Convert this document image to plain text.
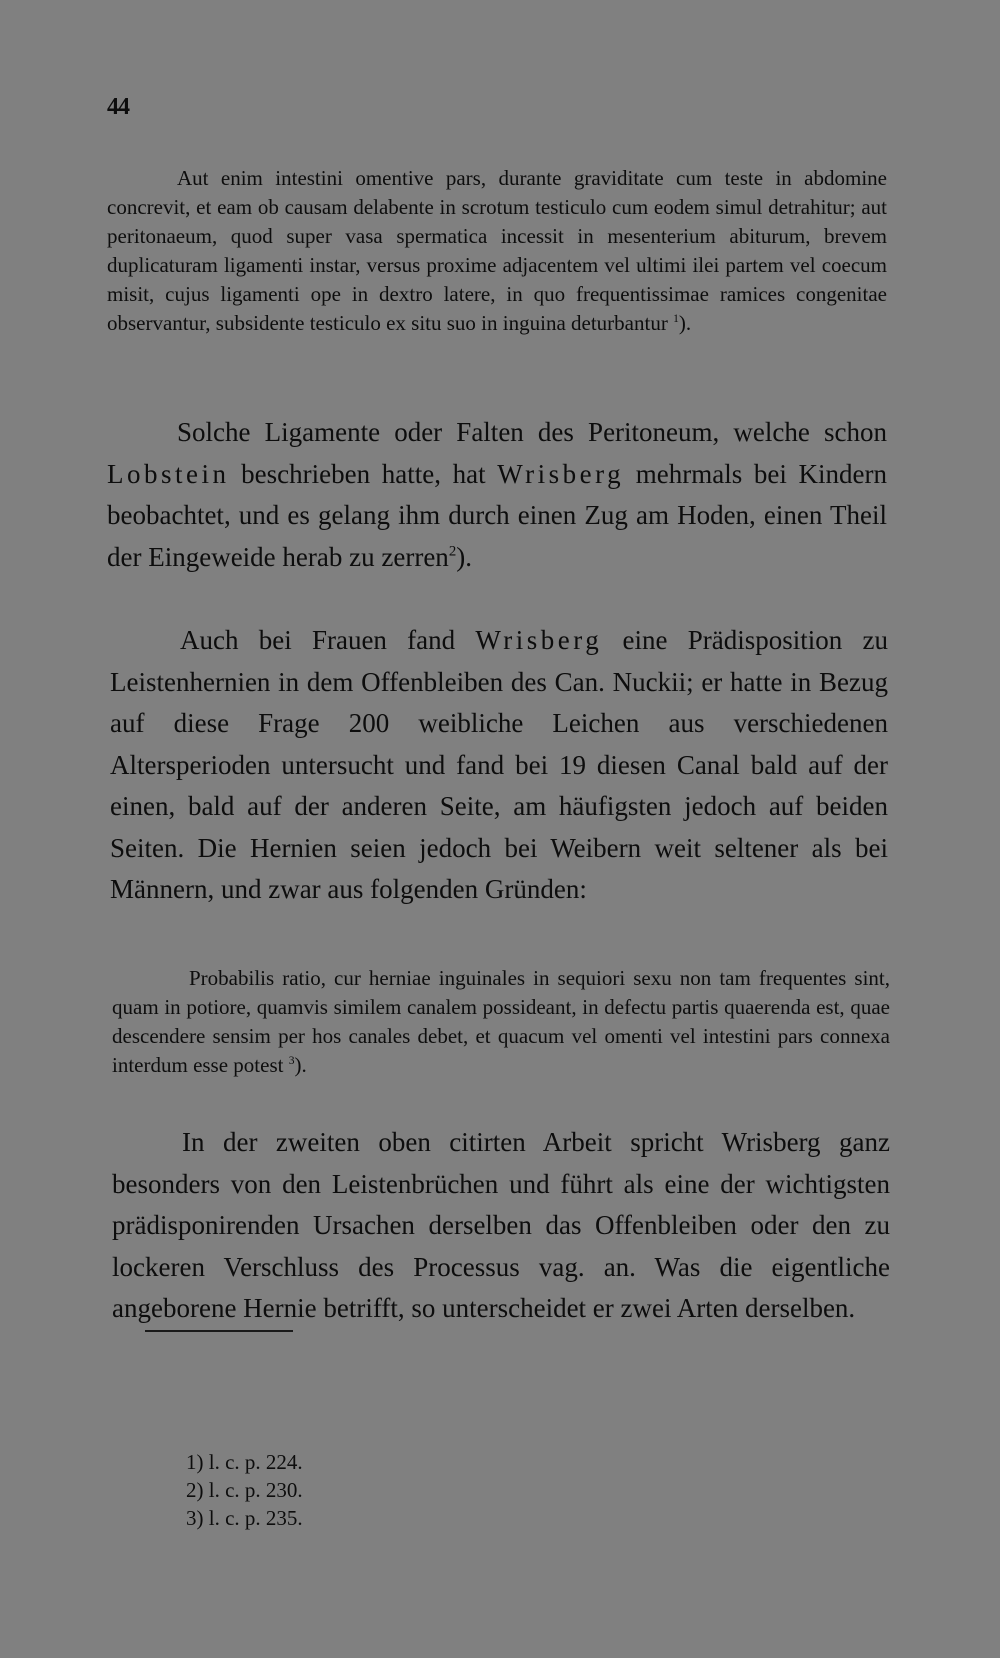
44

Aut enim intestini omentive pars, durante graviditate cum teste in abdomine concrevit, et eam ob causam delabente in scrotum testiculo cum eodem simul detrahitur; aut peritonaeum, quod super vasa spermatica incessit in mesenterium abiturum, brevem duplicaturam ligamenti instar, versus proxime adjacentem vel ultimi ilei partem vel coecum misit, cujus ligamenti ope in dextro latere, in quo frequentissimae ramices congenitae observantur, subsidente testiculo ex situ suo in inguina deturbantur $^1$).

Solche Ligamente oder Falten des Peritoneum, welche schon Lobstein beschrieben hatte, hat Wrisberg mehrmals bei Kindern beobachtet, und es gelang ihm durch einen Zug am Hoden, einen Theil der Eingeweide herab zu zerren$^2$).

Auch bei Frauen fand Wrisberg eine Prädisposition zu Leistenhernien in dem Offenbleiben des Can. Nuckii; er hatte in Bezug auf diese Frage 200 weibliche Leichen aus verschiedenen Altersperioden untersucht und fand bei 19 diesen Canal bald auf der einen, bald auf der anderen Seite, am häufigsten jedoch auf beiden Seiten. Die Hernien seien jedoch bei Weibern weit seltener als bei Männern, und zwar aus folgenden Gründen:

Probabilis ratio, cur herniae inguinales in sequiori sexu non tam frequentes sint, quam in potiore, quamvis similem canalem possideant, in defectu partis quaerenda est, quae descendere sensim per hos canales debet, et quacum vel omenti vel intestini pars connexa interdum esse potest $^3$).

In der zweiten oben citirten Arbeit spricht Wrisberg ganz besonders von den Leistenbrüchen und führt als eine der wichtigsten prädisponirenden Ursachen derselben das Offenbleiben oder den zu lockeren Verschluss des Processus vag. an. Was die eigentliche angeborene Hernie betrifft, so unterscheidet er zwei Arten derselben.

1) l. c. p. 224.
2) l. c. p. 230.
3) l. c. p. 235.
